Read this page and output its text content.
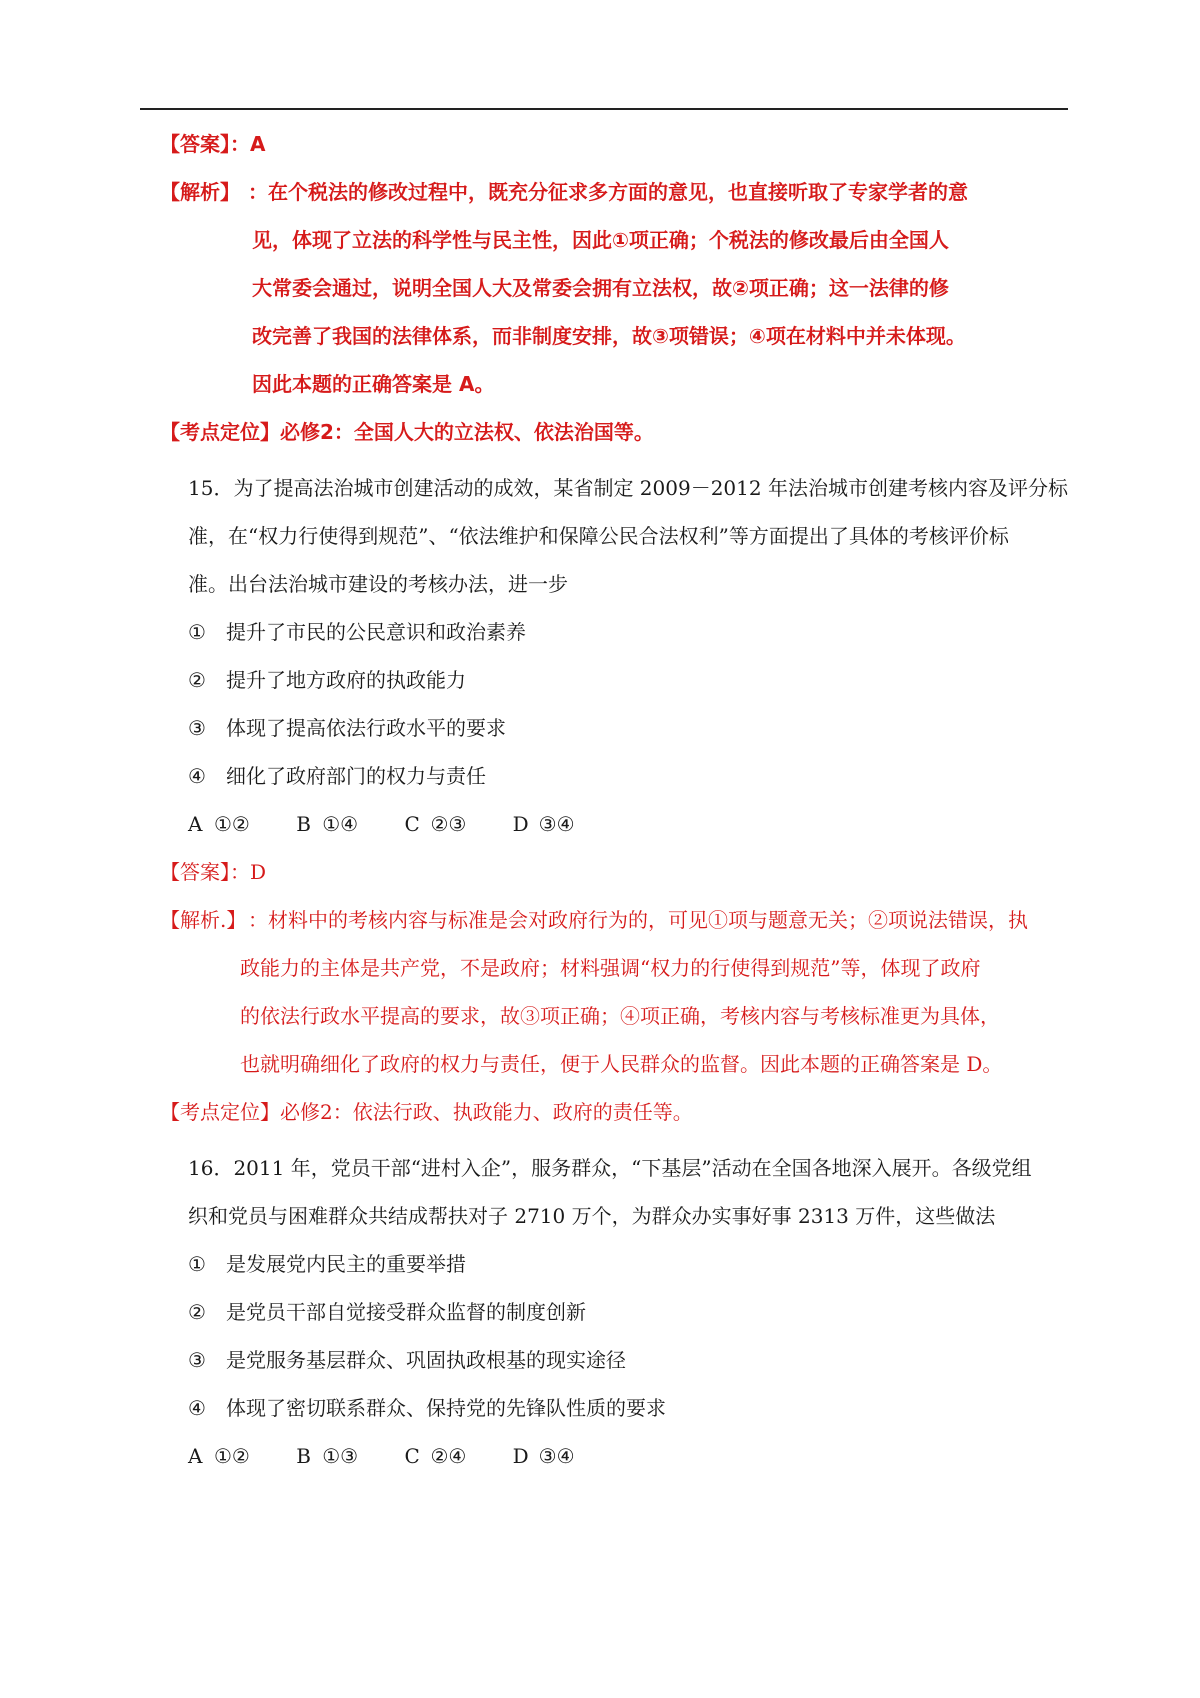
【答案】：A
【解析】 ：在个税法的修改过程中，既充分征求多方面的意见，也直接听取了专家学者的意
见，体现了立法的科学性与民主性，因此①项正确；个税法的修改最后由全国人
大常委会通过，说明全国人大及常委会拥有立法权，故②项正确；这一法律的修
改完善了我国的法律体系，而非制度安排，故③项错误；④项在材料中并未体现。
因此本题的正确答案是 A。
【考点定位】必修2：全国人大的立法权、依法治国等。
15．为了提高法治城市创建活动的成效，某省制定 2009－2012 年法治城市创建考核内容及评分标
准，在“权力行使得到规范”、“依法维护和保障公民合法权利”等方面提出了具体的考核评价标
准。出台法治城市建设的考核办法，进一步
① 提升了市民的公民意识和政治素养
② 提升了地方政府的执政能力
③ 体现了提高依法行政水平的要求
④ 细化了政府部门的权力与责任
A ①② B ①④ C ②③ D ③④
【答案】：D
【解析.】 ：材料中的考核内容与标准是会对政府行为的，可见①项与题意无关；②项说法错误，执
政能力的主体是共产党，不是政府；材料强调“权力的行使得到规范”等，体现了政府
的依法行政水平提高的要求，故③项正确；④项正确，考核内容与考核标准更为具体，
也就明确细化了政府的权力与责任，便于人民群众的监督。因此本题的正确答案是 D。
【考点定位】必修2：依法行政、执政能力、政府的责任等。
16．2011 年，党员干部“进村入企”，服务群众，“下基层”活动在全国各地深入展开。各级党组
织和党员与困难群众共结成帮扶对子 2710 万个，为群众办实事好事 2313 万件，这些做法
① 是发展党内民主的重要举措
② 是党员干部自觉接受群众监督的制度创新
③ 是党服务基层群众、巩固执政根基的现实途径
④ 体现了密切联系群众、保持党的先锋队性质的要求
A ①② B ①③ C ②④ D ③④
